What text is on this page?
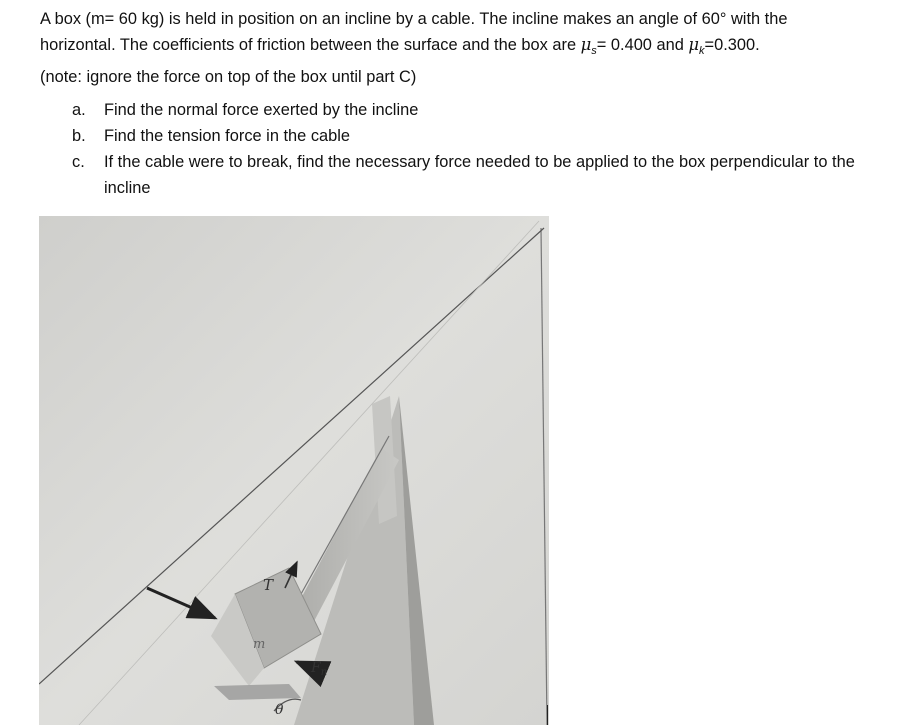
A box (m= 60 kg) is held in position on an incline by a cable. The incline makes an angle of 60° with the
horizontal. The coefficients of friction between the surface and the box are $\mu_s= 0.400$ and $\mu_k=0.300$.
(note: ignore the force on top of the box until part C)
a. Find the normal force exerted by the incline
b. Find the tension force in the cable
c. If the cable were to break, find the necessary force needed to be applied to the box perpendicular to the incline
T
$F_n$
m
θ
